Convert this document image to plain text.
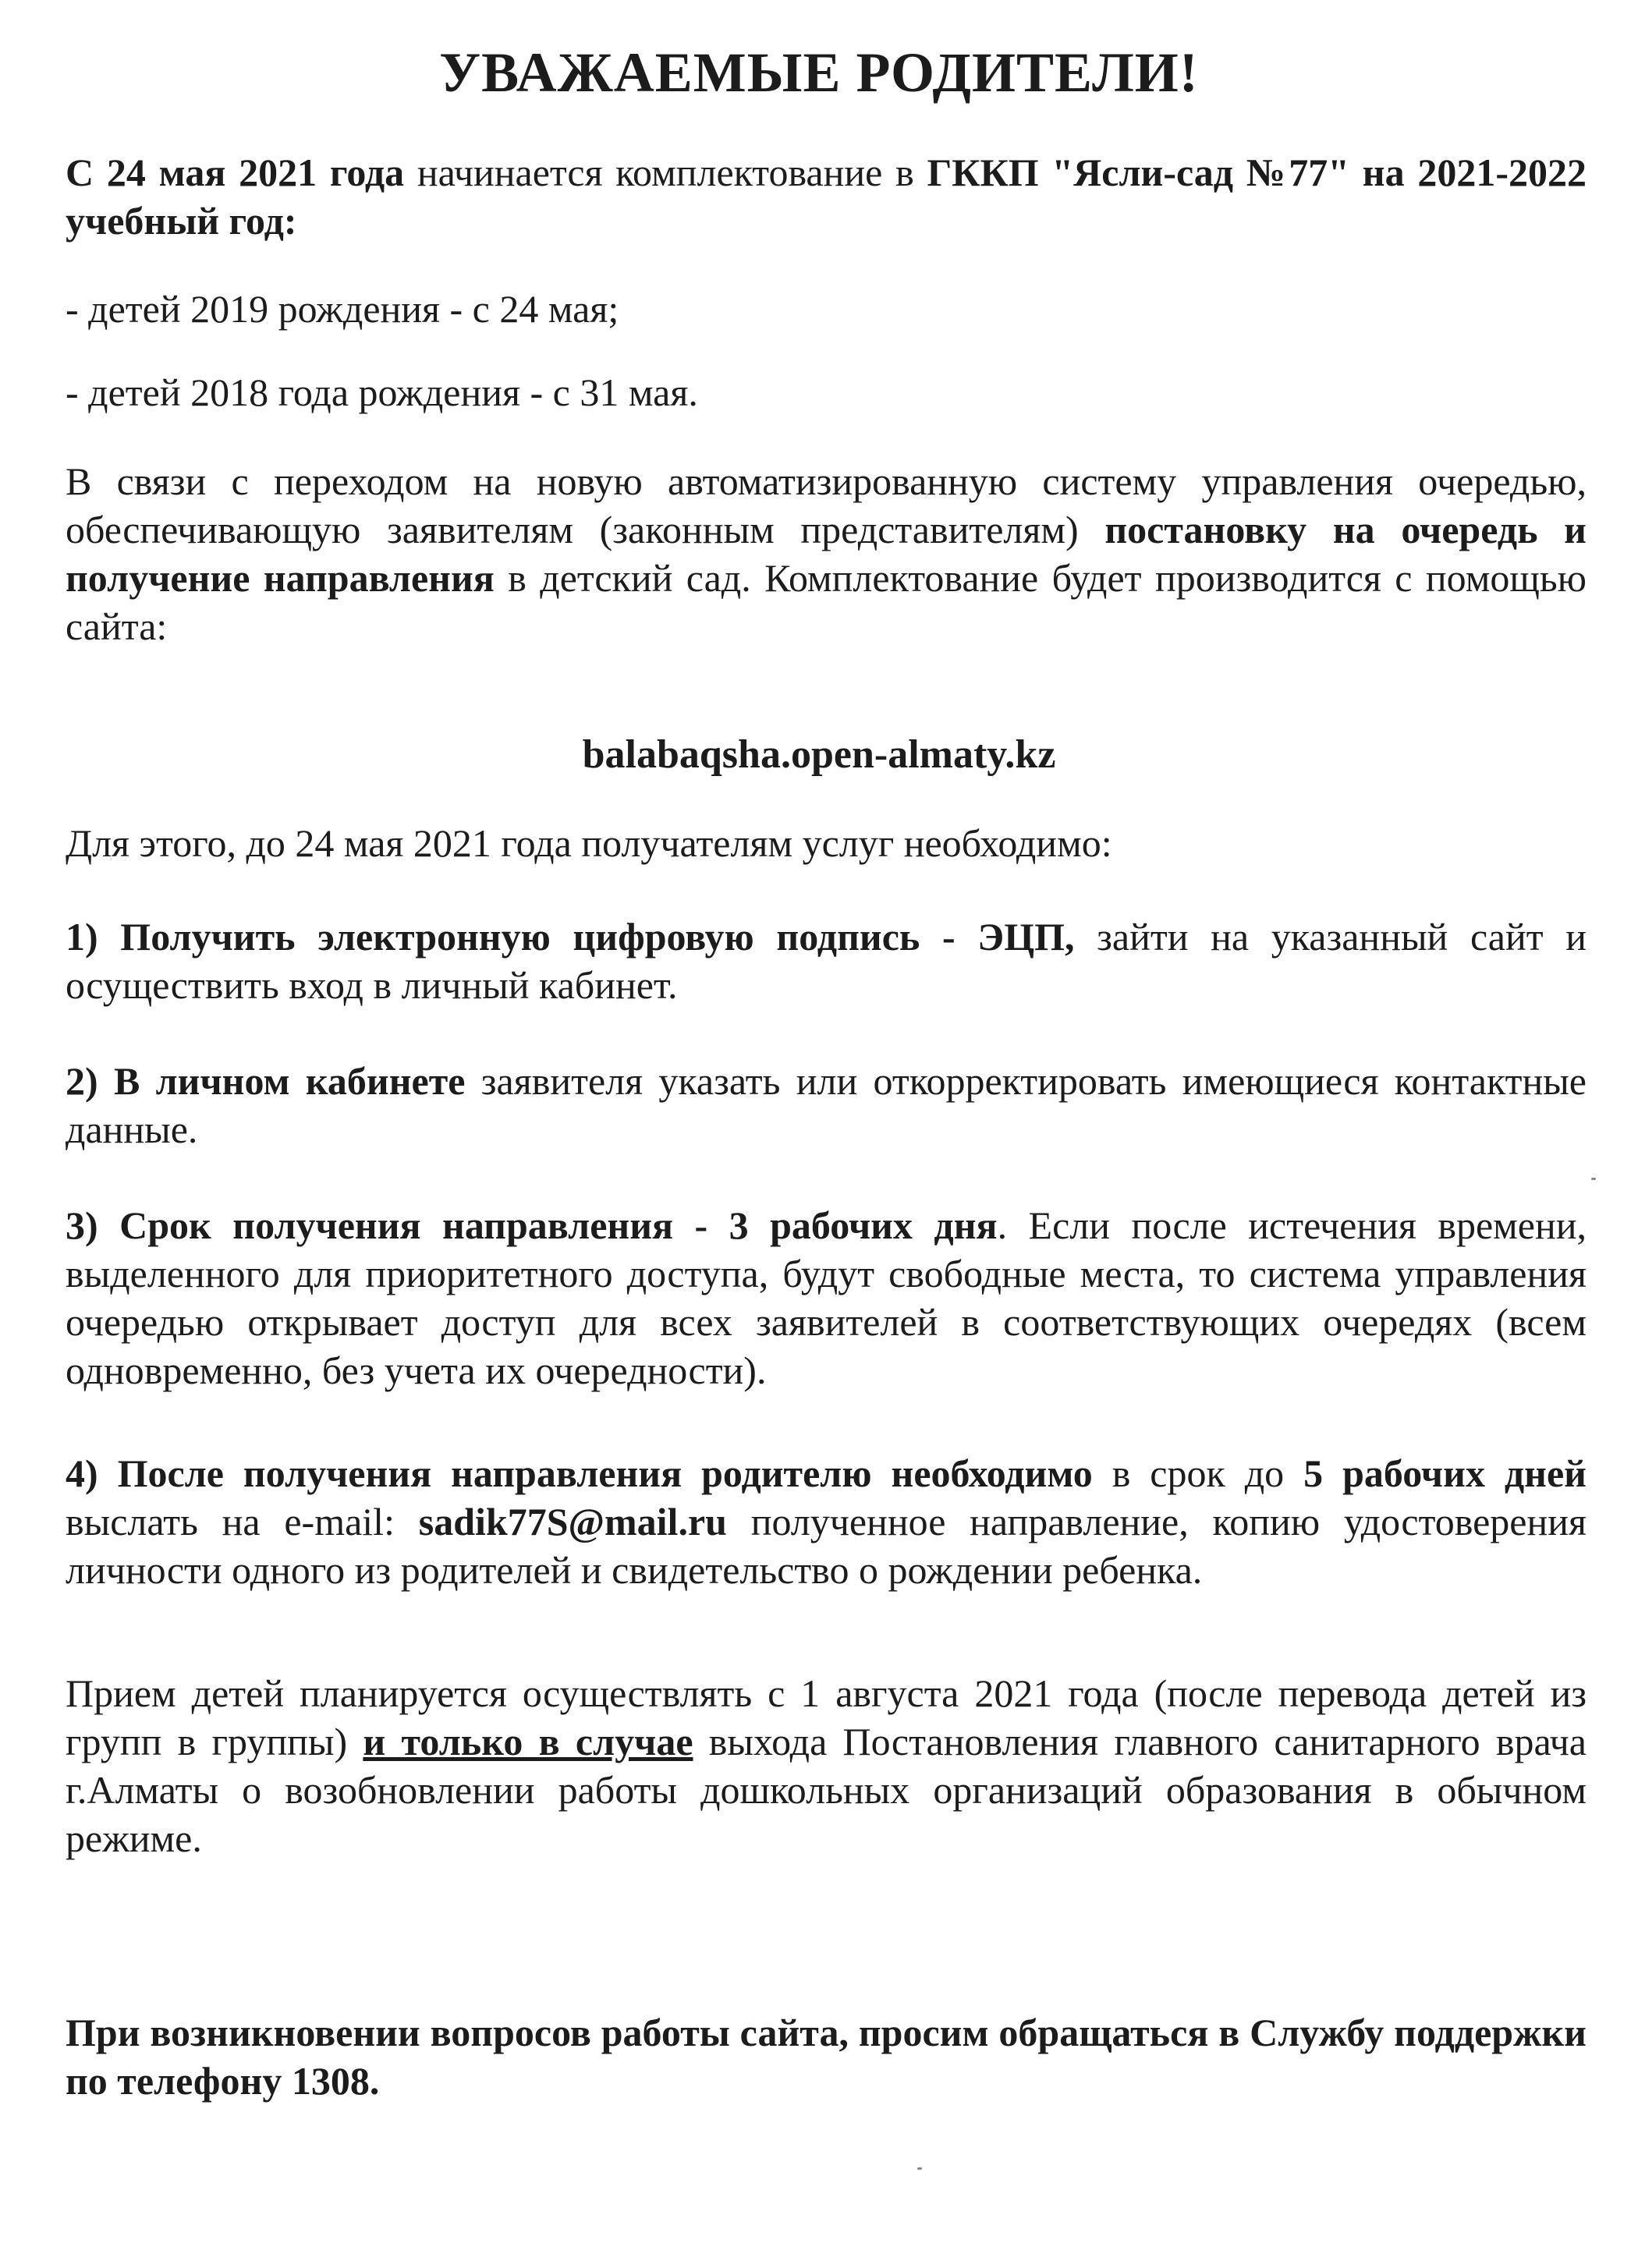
УВАЖАЕМЫЕ РОДИТЕЛИ!

С 24 мая 2021 года начинается комплектование в ГККП "Ясли-сад №77" на 2021-2022 учебный год:

- детей 2019 рождения - с 24 мая;

- детей 2018 года рождения - с 31 мая.

В связи с переходом на новую автоматизированную систему управления очередью, обеспечивающую заявителям (законным представителям) постановку на очередь и получение направления в детский сад. Комплектование будет производится с помощью сайта:

balabaqsha.open-almaty.kz

Для этого, до 24 мая 2021 года получателям услуг необходимо:

1) Получить электронную цифровую подпись - ЭЦП, зайти на указанный сайт и осуществить вход в личный кабинет.

2) В личном кабинете заявителя указать или откорректировать имеющиеся контактные данные.

3) Срок получения направления - 3 рабочих дня. Если после истечения времени, выделенного для приоритетного доступа, будут свободные места, то система управления очередью открывает доступ для всех заявителей в соответствующих очередях (всем одновременно, без учета их очередности).

4) После получения направления родителю необходимо в срок до 5 рабочих дней выслать на e-mail: sadik77S@mail.ru полученное направление, копию удостоверения личности одного из родителей и свидетельство о рождении ребенка.

Прием детей планируется осуществлять с 1 августа 2021 года (после перевода детей из групп в группы) и только в случае выхода Постановления главного санитарного врача г.Алматы о возобновлении работы дошкольных организаций образования в обычном режиме.

При возникновении вопросов работы сайта, просим обращаться в Службу поддержки по телефону 1308.
